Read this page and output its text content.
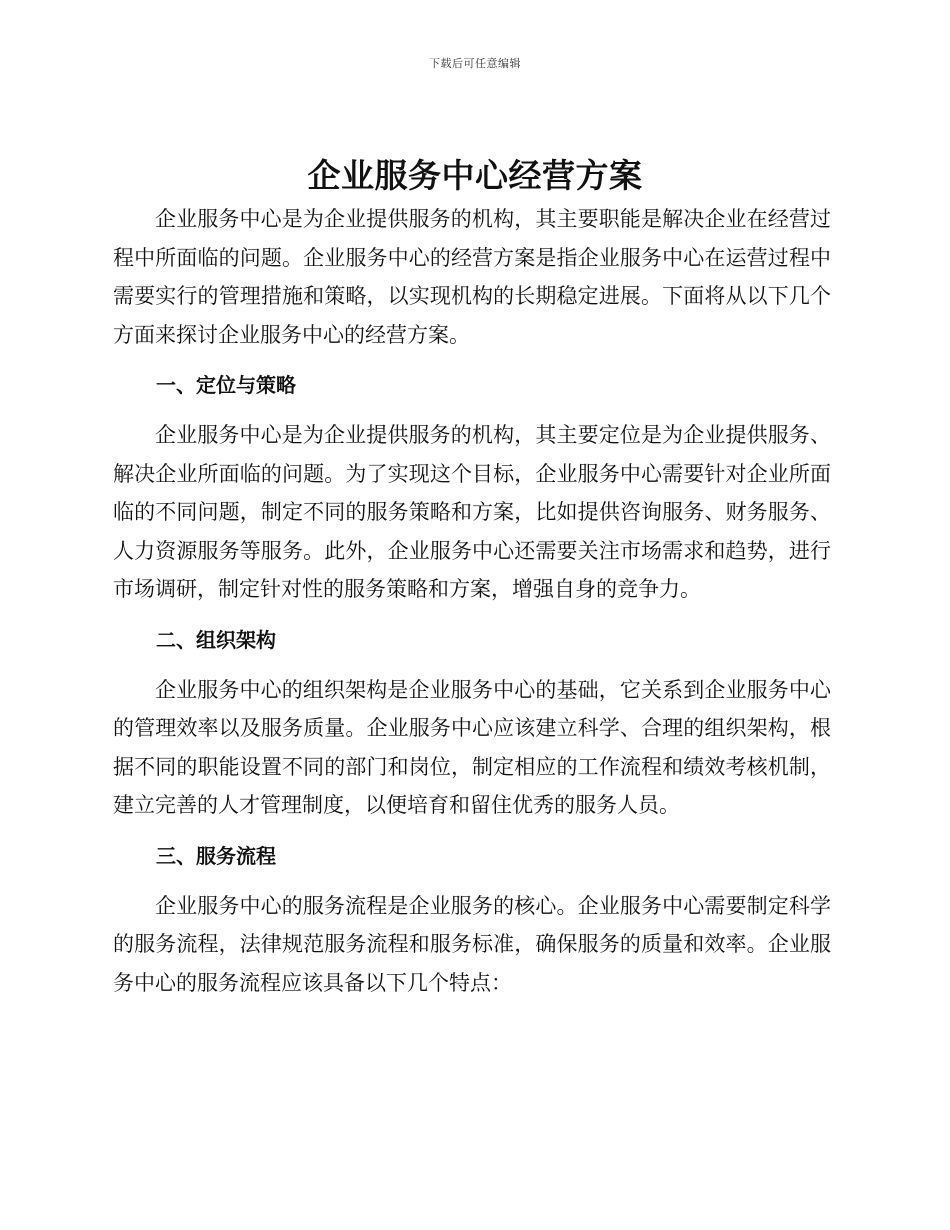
下载后可任意编辑
企业服务中心经营方案

企业服务中心是为企业提供服务的机构，其主要职能是解决企业在经营过程中所面临的问题。企业服务中心的经营方案是指企业服务中心在运营过程中需要实行的管理措施和策略，以实现机构的长期稳定进展。下面将从以下几个方面来探讨企业服务中心的经营方案。

一、定位与策略

企业服务中心是为企业提供服务的机构，其主要定位是为企业提供服务、解决企业所面临的问题。为了实现这个目标，企业服务中心需要针对企业所面临的不同问题，制定不同的服务策略和方案，比如提供咨询服务、财务服务、人力资源服务等服务。此外，企业服务中心还需要关注市场需求和趋势，进行市场调研，制定针对性的服务策略和方案，增强自身的竞争力。

二、组织架构

企业服务中心的组织架构是企业服务中心的基础，它关系到企业服务中心的管理效率以及服务质量。企业服务中心应该建立科学、合理的组织架构，根据不同的职能设置不同的部门和岗位，制定相应的工作流程和绩效考核机制，建立完善的人才管理制度，以便培育和留住优秀的服务人员。

三、服务流程

企业服务中心的服务流程是企业服务的核心。企业服务中心需要制定科学的服务流程，法律规范服务流程和服务标准，确保服务的质量和效率。企业服务中心的服务流程应该具备以下几个特点：
